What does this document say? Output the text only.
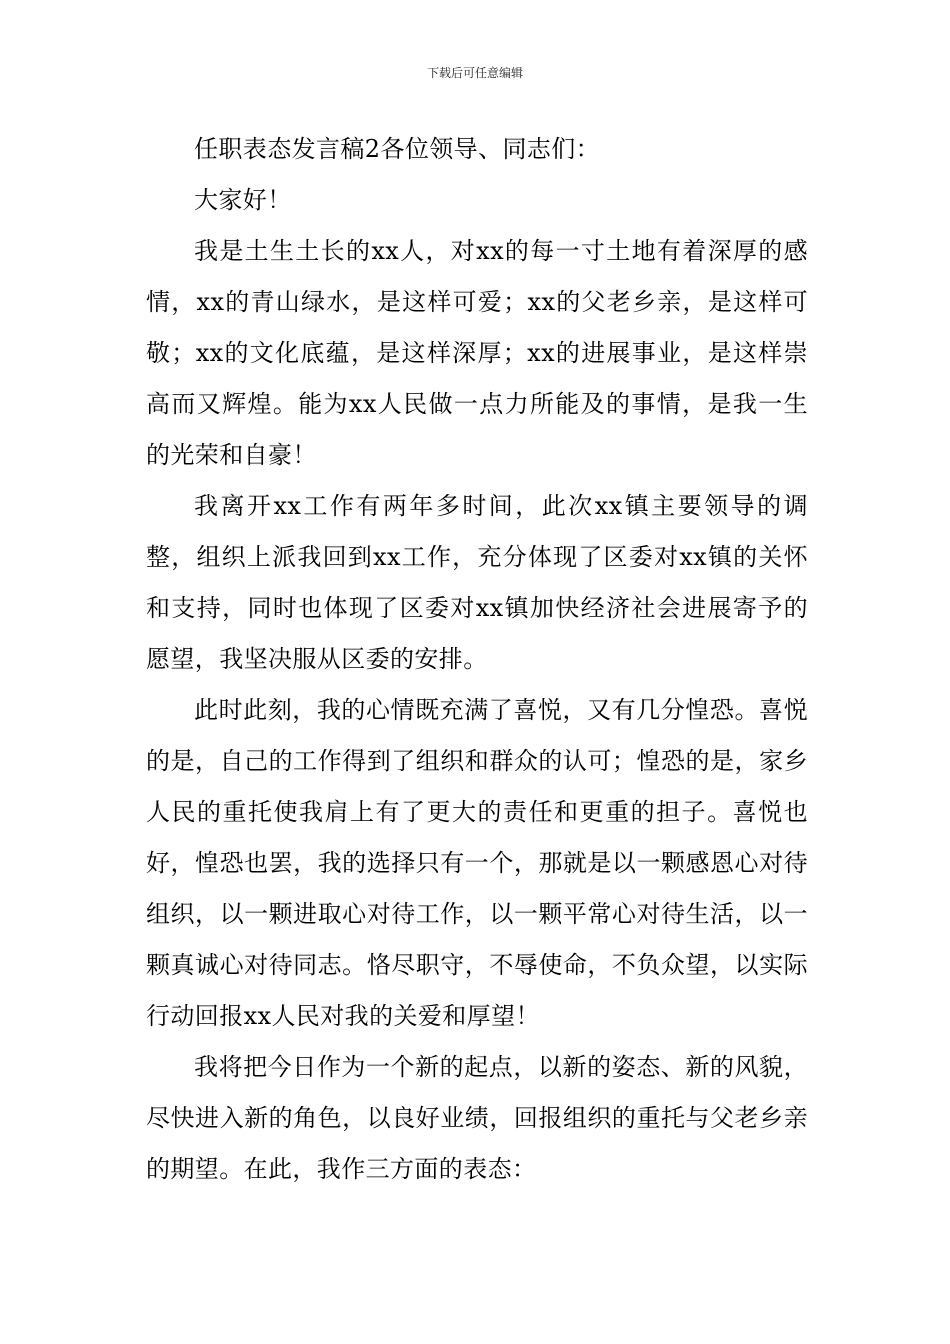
下载后可任意编辑

任职表态发言稿2各位领导、同志们：

大家好！

我是土生土长的xx人，对xx的每一寸土地有着深厚的感情，xx的青山绿水，是这样可爱；xx的父老乡亲，是这样可敬；xx的文化底蕴，是这样深厚；xx的进展事业，是这样崇高而又辉煌。能为xx人民做一点力所能及的事情，是我一生的光荣和自豪！

我离开xx工作有两年多时间，此次xx镇主要领导的调整，组织上派我回到xx工作，充分体现了区委对xx镇的关怀和支持，同时也体现了区委对xx镇加快经济社会进展寄予的愿望，我坚决服从区委的安排。

此时此刻，我的心情既充满了喜悦，又有几分惶恐。喜悦的是，自己的工作得到了组织和群众的认可；惶恐的是，家乡人民的重托使我肩上有了更大的责任和更重的担子。喜悦也好，惶恐也罢，我的选择只有一个，那就是以一颗感恩心对待组织，以一颗进取心对待工作，以一颗平常心对待生活，以一颗真诚心对待同志。恪尽职守，不辱使命，不负众望，以实际行动回报xx人民对我的关爱和厚望！

我将把今日作为一个新的起点，以新的姿态、新的风貌，尽快进入新的角色，以良好业绩，回报组织的重托与父老乡亲的期望。在此，我作三方面的表态：
